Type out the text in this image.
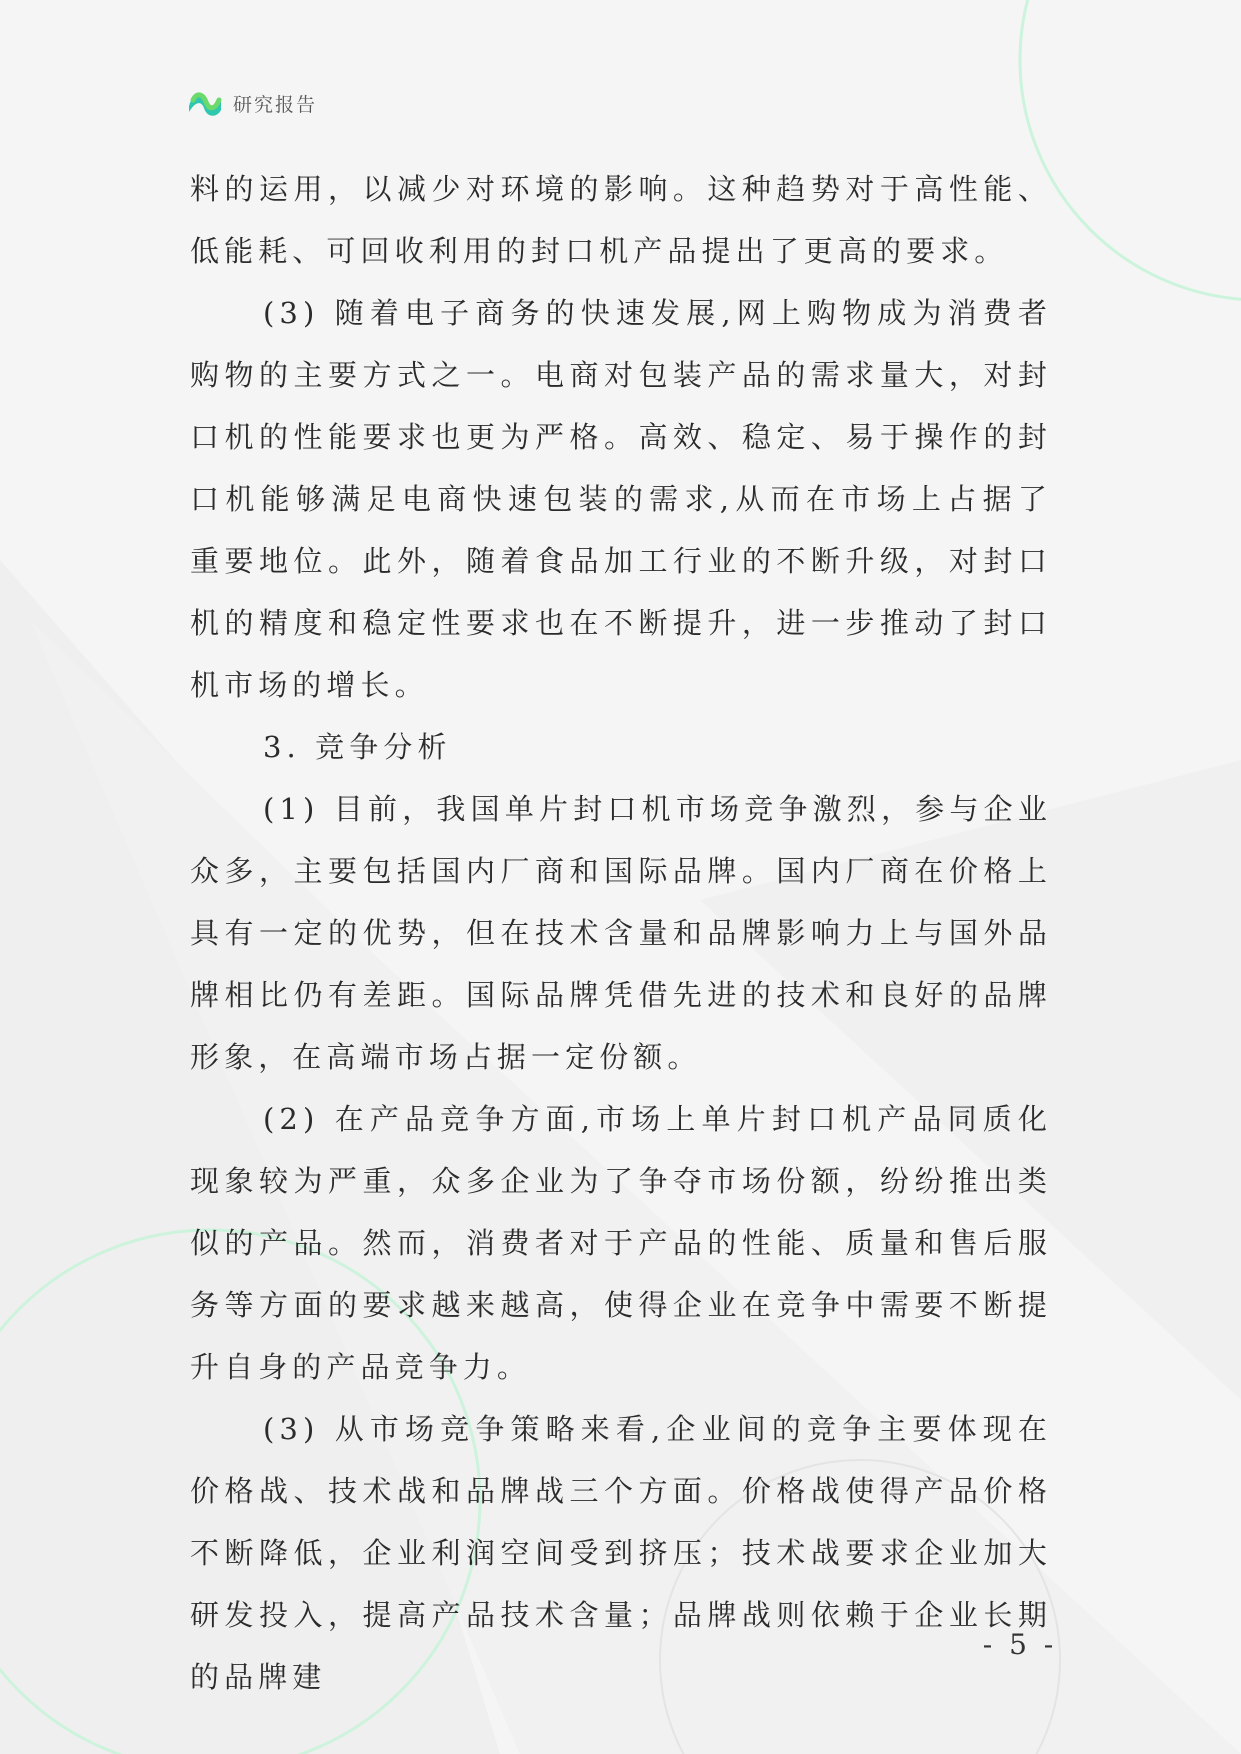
研究报告

料的运用，以减少对环境的影响。这种趋势对于高性能、低能耗、可回收利用的封口机产品提出了更高的要求。

(3) 随着电子商务的快速发展,网上购物成为消费者购物的主要方式之一。电商对包装产品的需求量大，对封口机的性能要求也更为严格。高效、稳定、易于操作的封口机能够满足电商快速包装的需求,从而在市场上占据了重要地位。此外，随着食品加工行业的不断升级，对封口机的精度和稳定性要求也在不断提升，进一步推动了封口机市场的增长。

3. 竞争分析

(1) 目前，我国单片封口机市场竞争激烈，参与企业众多，主要包括国内厂商和国际品牌。国内厂商在价格上具有一定的优势，但在技术含量和品牌影响力上与国外品牌相比仍有差距。国际品牌凭借先进的技术和良好的品牌形象，在高端市场占据一定份额。

(2) 在产品竞争方面,市场上单片封口机产品同质化现象较为严重，众多企业为了争夺市场份额，纷纷推出类似的产品。然而，消费者对于产品的性能、质量和售后服务等方面的要求越来越高，使得企业在竞争中需要不断提升自身的产品竞争力。

(3) 从市场竞争策略来看,企业间的竞争主要体现在价格战、技术战和品牌战三个方面。价格战使得产品价格不断降低，企业利润空间受到挤压；技术战要求企业加大研发投入，提高产品技术含量；品牌战则依赖于企业长期的品牌建

- 5 -
